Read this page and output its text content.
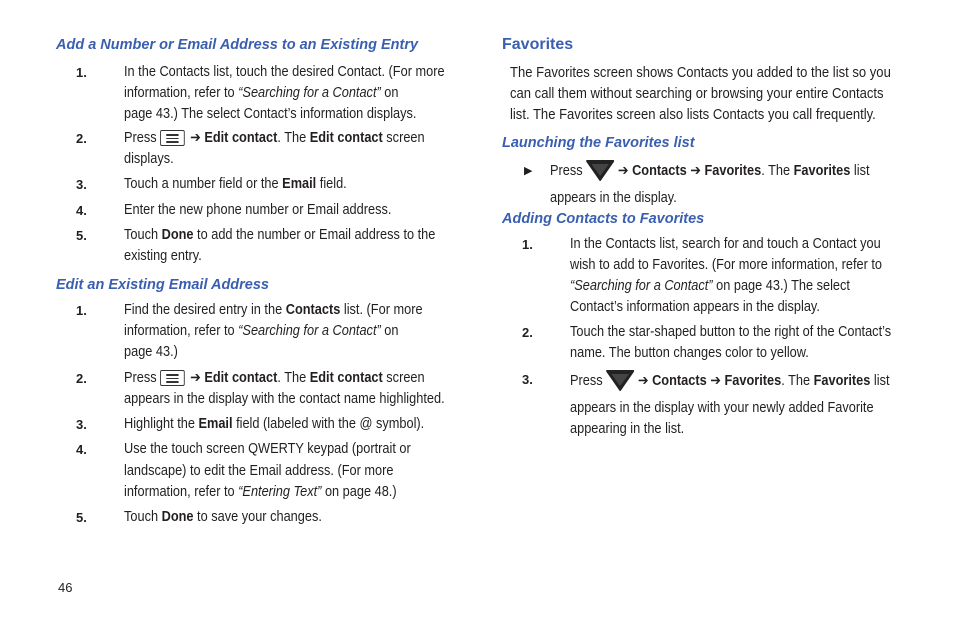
Add a Number or Email Address to an Existing Entry
1.	In the Contacts list, touch the desired Contact. (For more
information, refer to “Searching for a Contact” on
page 43.) The select Contact’s information displays.
2.	Press ➔ Edit contact. The Edit contact screen
displays.
3.	Touch a number field or the Email field.
4.	Enter the new phone number or Email address.
5.	Touch Done to add the number or Email address to the
existing entry.
Edit an Existing Email Address
1.	Find the desired entry in the Contacts list. (For more
information, refer to “Searching for a Contact” on
page 43.)
2.	Press ➔ Edit contact. The Edit contact screen
appears in the display with the contact name highlighted.
3.	Highlight the Email field (labeled with the @ symbol).
4.	Use the touch screen QWERTY keypad (portrait or
landscape) to edit the Email address. (For more
information, refer to “Entering Text” on page 48.)
5.	Touch Done to save your changes.
Favorites
The Favorites screen shows Contacts you added to the list so you
can call them without searching or browsing your entire Contacts
list. The Favorites screen also lists Contacts you call frequently.
Launching the Favorites list
▶ Press ➔ Contacts ➔ Favorites. The Favorites list
appears in the display.
Adding Contacts to Favorites
1.	In the Contacts list, search for and touch a Contact you
wish to add to Favorites. (For more information, refer to
“Searching for a Contact” on page 43.) The select
Contact’s information appears in the display.
2.	Touch the star-shaped button to the right of the Contact’s
name. The button changes color to yellow.
3.	Press ➔ Contacts ➔ Favorites. The Favorites list
appears in the display with your newly added Favorite
appearing in the list.
46
